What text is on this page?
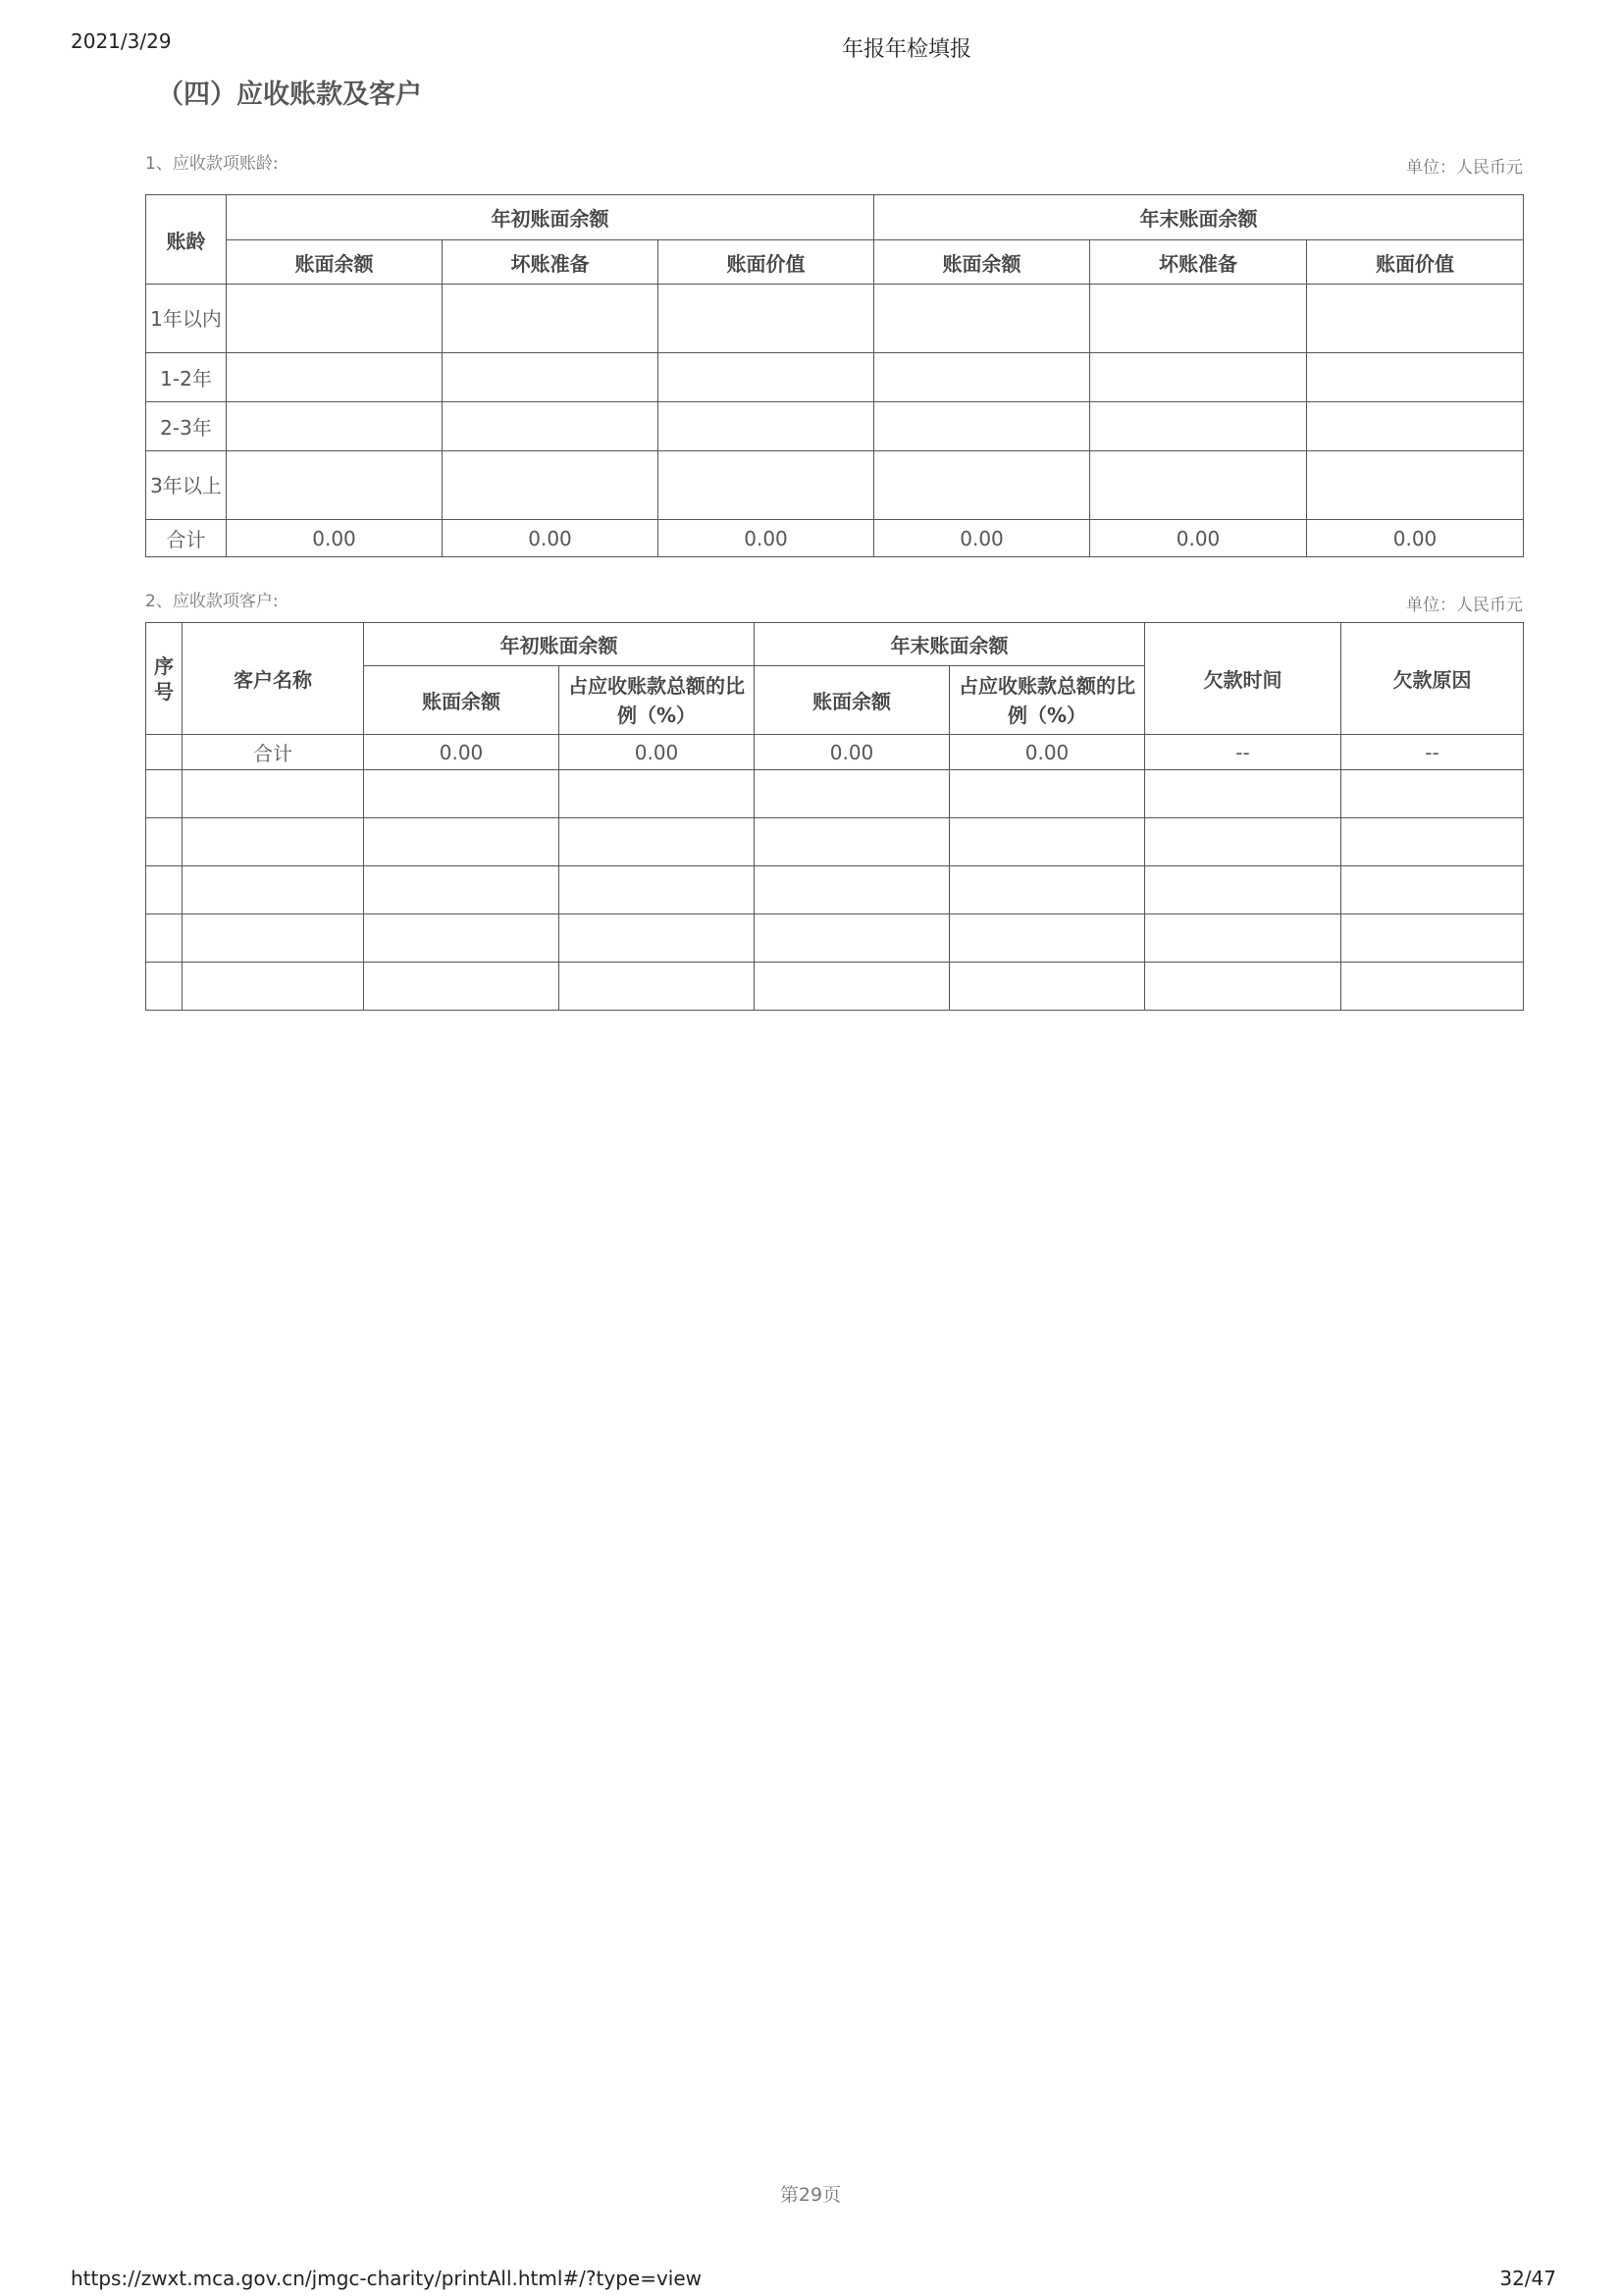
2021/3/29	年报年检填报
（四）应收账款及客户
1、应收款项账龄:	单位：人民币元
账龄	年初账面余额			年末账面余额		
	账面余额	坏账准备	账面价值	账面余额	坏账准备	账面价值
1年以内						
1-2年						
2-3年						
3年以上						
合计	0.00	0.00	0.00	0.00	0.00	0.00
2、应收款项客户:	单位：人民币元
序号	客户名称	年初账面余额		年末账面余额		欠款时间	欠款原因
		账面余额	占应收账款总额的比例（%）	账面余额	占应收账款总额的比例（%）		
	合计	0.00	0.00	0.00	0.00	--	--

第29页
https://zwxt.mca.gov.cn/jmgc-charity/printAll.html#/?type=view	32/47
